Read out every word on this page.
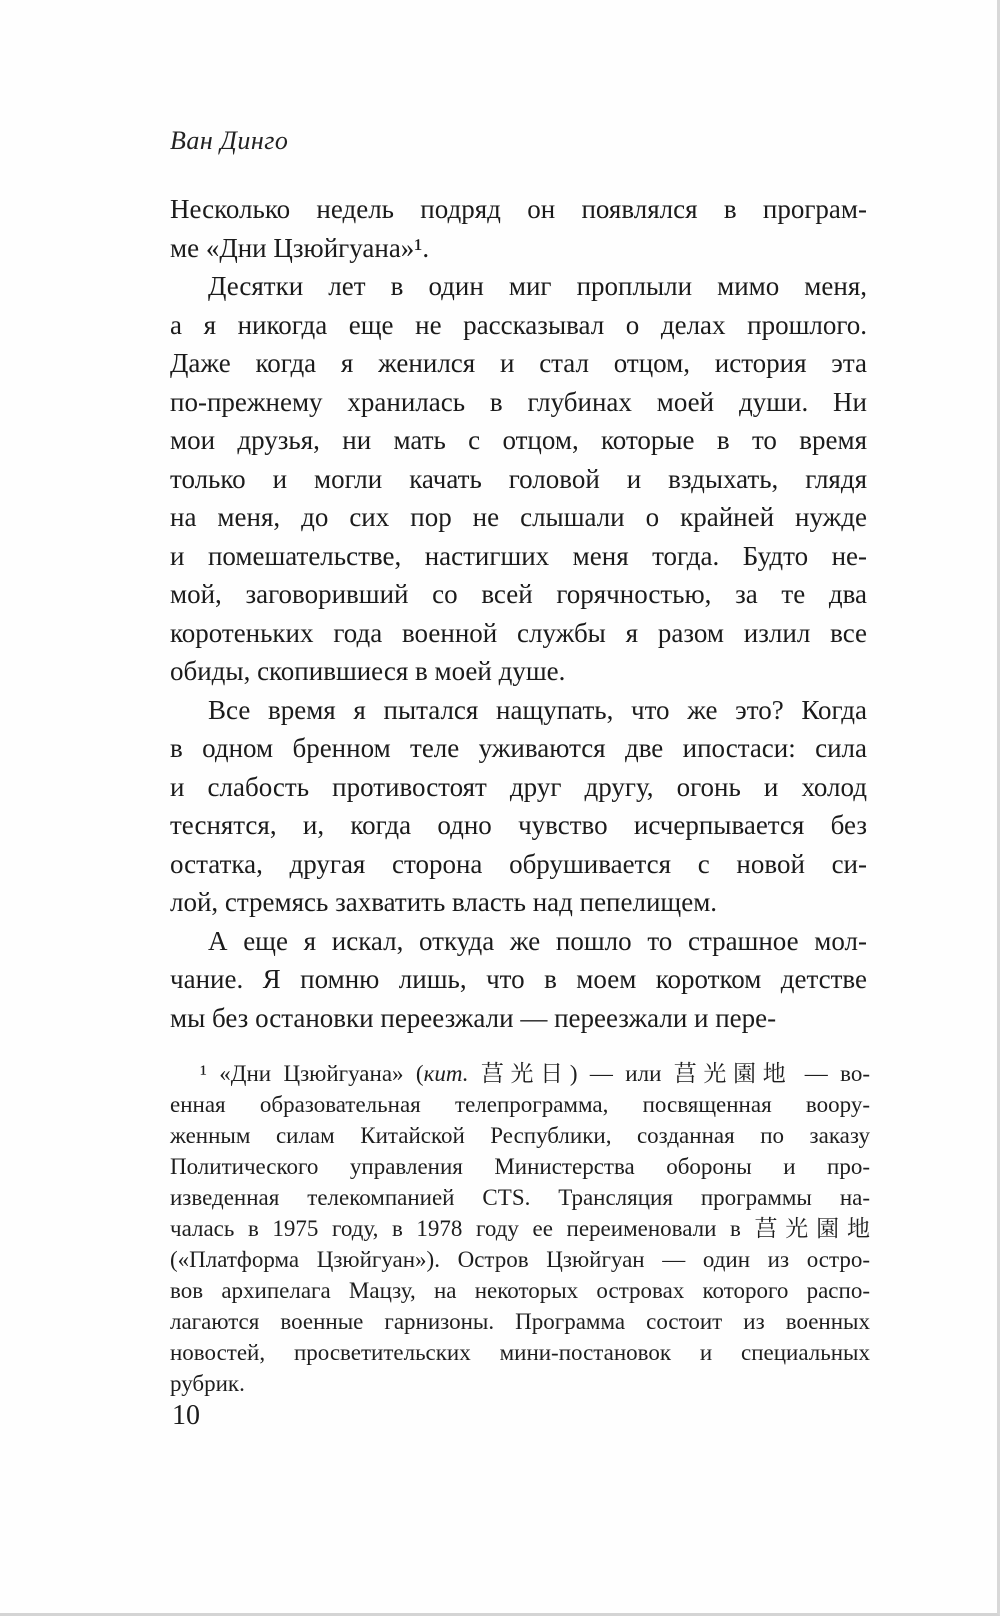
Ван Динго
Несколько недель подряд он появлялся в програм-
ме «Дни Цзюйгуана»¹.
Десятки лет в один миг проплыли мимо меня,
а я никогда еще не рассказывал о делах прошлого.
Даже когда я женился и стал отцом, история эта
по-прежнему хранилась в глубинах моей души. Ни
мои друзья, ни мать с отцом, которые в то время
только и могли качать головой и вздыхать, глядя
на меня, до сих пор не слышали о крайней нужде
и помешательстве, настигших меня тогда. Будто не-
мой, заговоривший со всей горячностью, за те два
коротеньких года военной службы я разом излил все
обиды, скопившиеся в моей душе.
Все время я пытался нащупать, что же это? Когда
в одном бренном теле уживаются две ипостаси: сила
и слабость противостоят друг другу, огонь и холод
теснятся, и, когда одно чувство исчерпывается без
остатка, другая сторона обрушивается с новой си-
лой, стремясь захватить власть над пепелищем.
А еще я искал, откуда же пошло то страшное мол-
чание. Я помню лишь, что в моем коротком детстве
мы без остановки переезжали — переезжали и пере-
¹ «Дни Цзюйгуана» (кит. 莒光日) — или 莒光園地 — во-
енная образовательная телепрограмма, посвященная воору-
женным силам Китайской Республики, созданная по заказу
Политического управления Министерства обороны и про-
изведенная телекомпанией CTS. Трансляция программы на-
чалась в 1975 году, в 1978 году ее переименовали в 莒光園地
(«Платформа Цзюйгуан»). Остров Цзюйгуан — один из остро-
вов архипелага Мацзу, на некоторых островах которого распо-
лагаются военные гарнизоны. Программа состоит из военных
новостей, просветительских мини-постановок и специальных
рубрик.
10
